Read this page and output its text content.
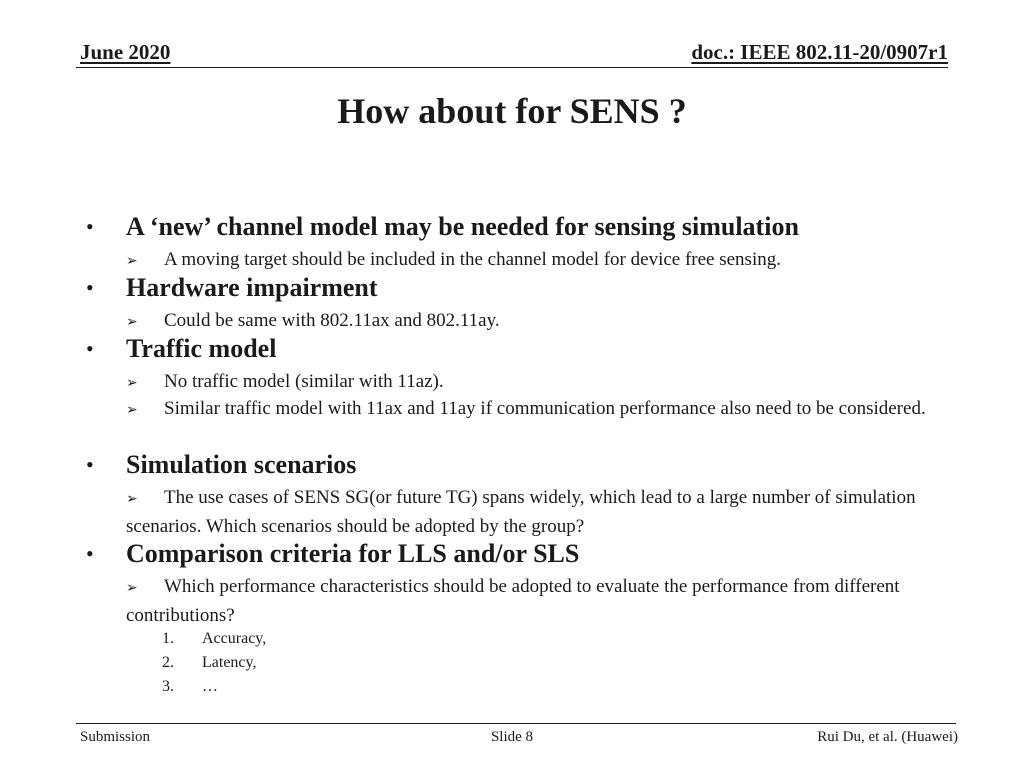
June 2020	doc.: IEEE 802.11-20/0907r1
How about for SENS ?
• A ‘new’ channel model may be needed for sensing simulation
➢ A moving target should be included in the channel model for device free sensing.
• Hardware impairment
➢ Could be same with 802.11ax and 802.11ay.
• Traffic model
➢ No traffic model (similar with 11az).
➢ Similar traffic model with 11ax and 11ay if communication performance also need to be considered.
• Simulation scenarios
➢ The use cases of SENS SG(or future TG) spans widely, which lead to a large number of simulation scenarios. Which scenarios should be adopted by the group?
• Comparison criteria for LLS and/or SLS
➢ Which performance characteristics should be adopted to evaluate the performance from different contributions?
1. Accuracy,
2. Latency,
3. …
Submission	Slide 8	Rui Du, et al. (Huawei)
